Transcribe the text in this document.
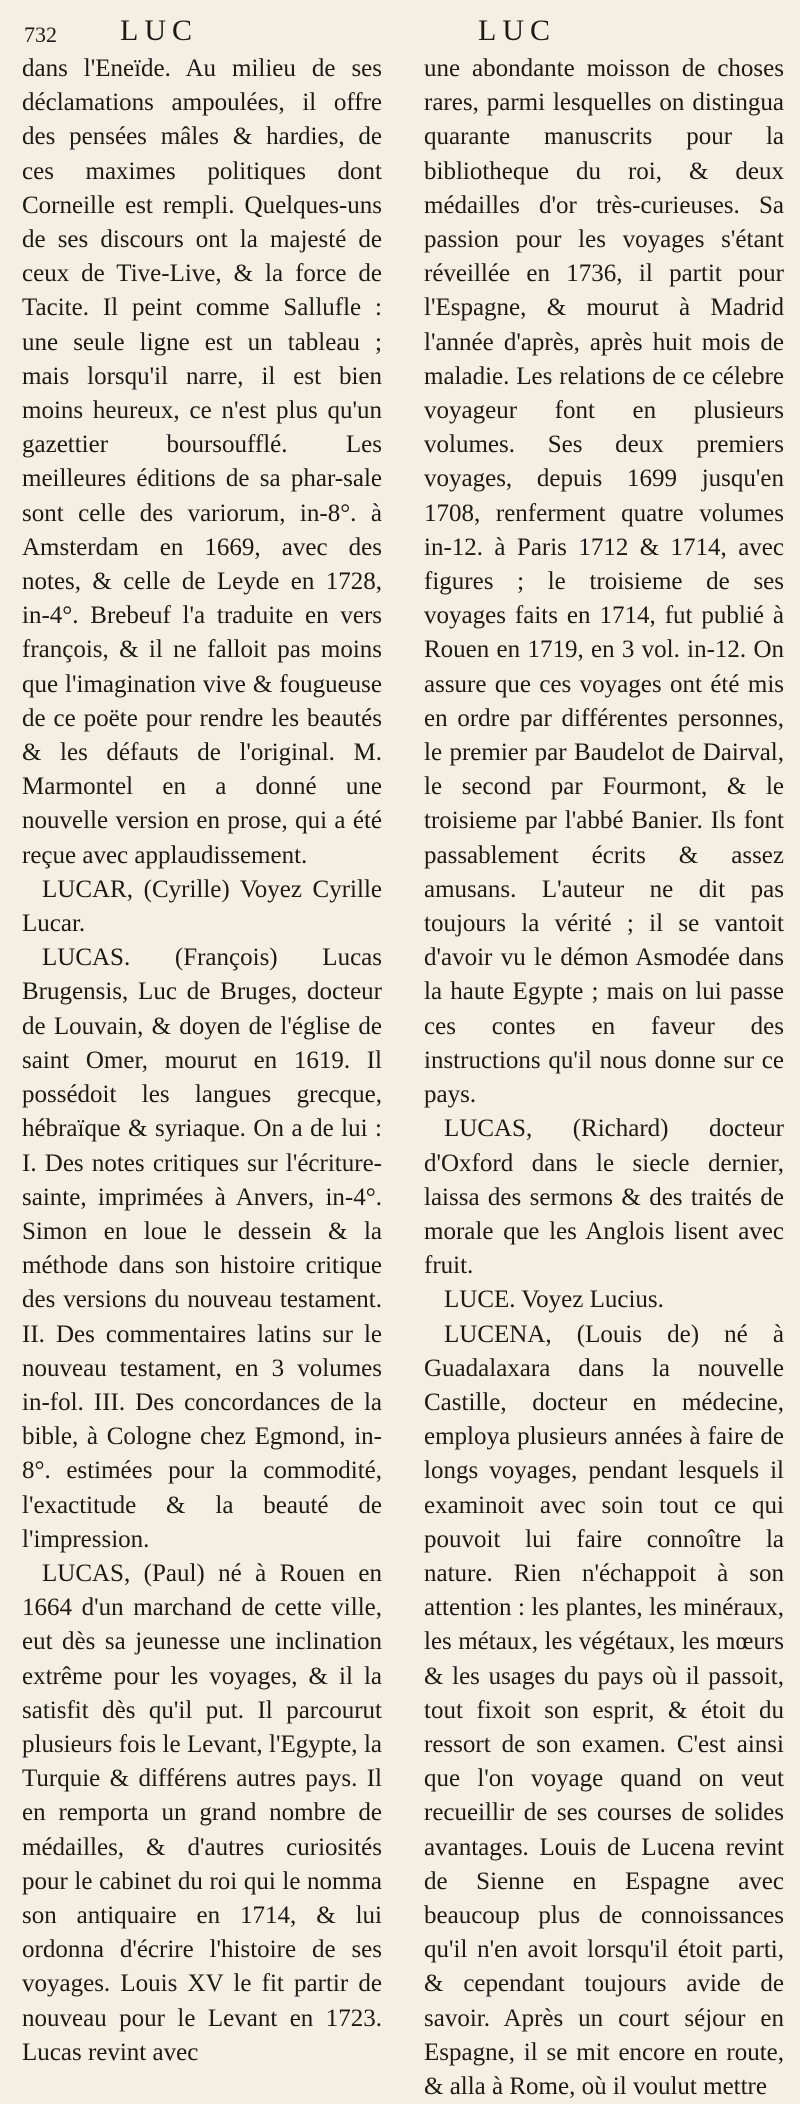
732 LUC	LUC

dans l'Eneïde. Au milieu de ses déclamations ampoulées, il offre des pensées mâles & hardies, de ces maximes politiques dont Corneille est rempli. Quelques-uns de ses discours ont la majesté de ceux de Tive-Live, & la force de Tacite. Il peint comme Sallufle : une seule ligne est un tableau ; mais lorsqu'il narre, il est bien moins heureux, ce n'est plus qu'un gazettier boursoufflé. Les meilleures éditions de sa phar-sale sont celle des variorum, in-8°. à Amsterdam en 1669, avec des notes, & celle de Leyde en 1728, in-4°. Brebeuf l'a traduite en vers françois, & il ne falloit pas moins que l'imagination vive & fougueuse de ce poëte pour rendre les beautés & les défauts de l'original. M. Marmontel en a donné une nouvelle version en prose, qui a été reçue avec applaudissement.

LUCAR, (Cyrille) Voyez Cyrille Lucar.

LUCAS. (François) Lucas Brugensis, Luc de Bruges, docteur de Louvain, & doyen de l'église de saint Omer, mourut en 1619. Il possédoit les langues grecque, hébraïque & syriaque. On a de lui : I. Des notes critiques sur l'écriture-sainte, imprimées à Anvers, in-4°. Simon en loue le dessein & la méthode dans son histoire critique des versions du nouveau testament. II. Des commentaires latins sur le nouveau testament, en 3 volumes in-fol. III. Des concordances de la bible, à Cologne chez Egmond, in-8°. estimées pour la commodité, l'exactitude & la beauté de l'impression.

LUCAS, (Paul) né à Rouen en 1664 d'un marchand de cette ville, eut dès sa jeunesse une inclination extrême pour les voyages, & il la satisfit dès qu'il put. Il parcourut plusieurs fois le Levant, l'Egypte, la Turquie & différens autres pays. Il en remporta un grand nombre de médailles, & d'autres curiosités pour le cabinet du roi qui le nomma son antiquaire en 1714, & lui ordonna d'écrire l'histoire de ses voyages. Louis XV le fit partir de nouveau pour le Levant en 1723. Lucas revint avec

une abondante moisson de choses rares, parmi lesquelles on distingua quarante manuscrits pour la bibliotheque du roi, & deux médailles d'or très-curieuses. Sa passion pour les voyages s'étant réveillée en 1736, il partit pour l'Espagne, & mourut à Madrid l'année d'après, après huit mois de maladie. Les relations de ce célebre voyageur font en plusieurs volumes. Ses deux premiers voyages, depuis 1699 jusqu'en 1708, renferment quatre volumes in-12. à Paris 1712 & 1714, avec figures ; le troisieme de ses voyages faits en 1714, fut publié à Rouen en 1719, en 3 vol. in-12. On assure que ces voyages ont été mis en ordre par différentes personnes, le premier par Baudelot de Dairval, le second par Fourmont, & le troisieme par l'abbé Banier. Ils font passablement écrits & assez amusans. L'auteur ne dit pas toujours la vérité ; il se vantoit d'avoir vu le démon Asmodée dans la haute Egypte ; mais on lui passe ces contes en faveur des instructions qu'il nous donne sur ce pays.

LUCAS, (Richard) docteur d'Oxford dans le siecle dernier, laissa des sermons & des traités de morale que les Anglois lisent avec fruit.

LUCE. Voyez Lucius.

LUCENA, (Louis de) né à Guadalaxara dans la nouvelle Castille, docteur en médecine, employa plusieurs années à faire de longs voyages, pendant lesquels il examinoit avec soin tout ce qui pouvoit lui faire connoître la nature. Rien n'échappoit à son attention : les plantes, les minéraux, les métaux, les végétaux, les mœurs & les usages du pays où il passoit, tout fixoit son esprit, & étoit du ressort de son examen. C'est ainsi que l'on voyage quand on veut recueillir de ses courses de solides avantages. Louis de Lucena revint de Sienne en Espagne avec beaucoup plus de connoissances qu'il n'en avoit lorsqu'il étoit parti, & cependant toujours avide de savoir. Après un court séjour en Espagne, il se mit encore en route, & alla à Rome, où il voulut mettre
